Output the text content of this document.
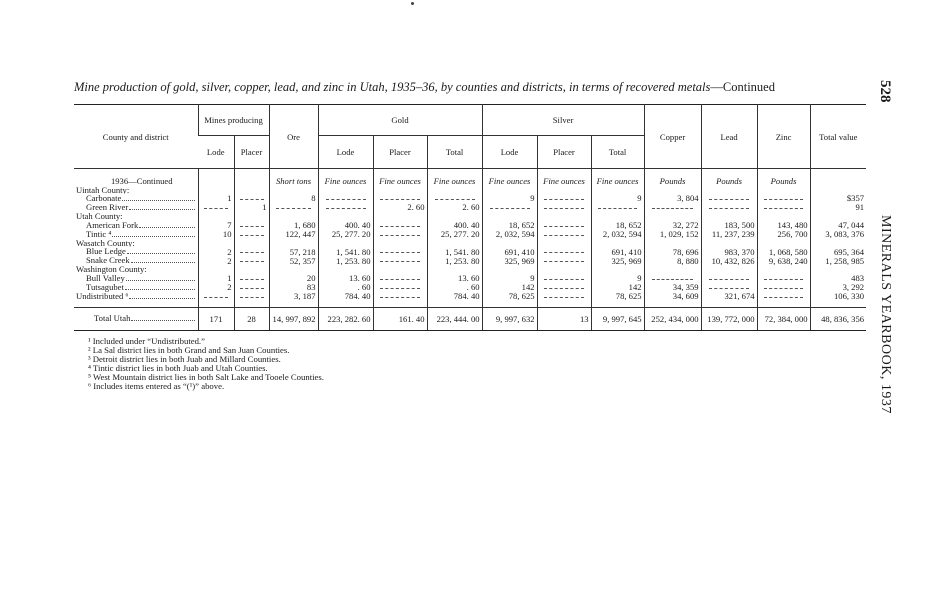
Mine production of gold, silver, copper, lead, and zinc in Utah, 1935–36, by counties and districts, in terms of recovered metals—Continued	528
MINERALS YEARBOOK, 1937
County and district	Mines producing		Ore	Gold			Silver			Copper	Lead	Zinc	Total value
	Lode	Placer		Lode	Placer	Total	Lode	Placer	Total				
1936—Continued			Short tons	Fine ounces	Fine ounces	Fine ounces	Fine ounces	Fine ounces	Fine ounces	Pounds	Pounds	Pounds	

Uintah County:													

Carbonate	1		8				9		9	3, 804			$357

Green River		1			2. 60	2. 60							91

Utah County:													

American Fork	7		1, 680	400. 40		400. 40	18, 652		18, 652	32, 272	183, 500	143, 480	47, 044

Tintic ⁴	10		122, 447	25, 277. 20		25, 277. 20	2, 032, 594		2, 032, 594	1, 029, 152	11, 237, 239	256, 700	3, 083, 376

Wasatch County:													

Blue Ledge	2		57, 218	1, 541. 80		1, 541. 80	691, 410		691, 410	78, 696	983, 370	1, 068, 580	695, 364

Snake Creek	2		52, 357	1, 253. 80		1, 253. 80	325, 969		325, 969	8, 880	10, 432, 826	9, 638, 240	1, 258, 985

Washington County:													

Bull Valley	1		20	13. 60		13. 60	9		9				483

Tutsagubet	2		83	. 60		. 60	142		142	34, 359			3, 292

Undistributed ⁶			3, 187	784. 40		784. 40	78, 625		78, 625	34, 609	321, 674		106, 330

Total Utah	171	28	14, 997, 892	223, 282. 60	161. 40	223, 444. 00	9, 997, 632	13	9, 997, 645	252, 434, 000	139, 772, 000	72, 384, 000	48, 836, 356
¹ Included under “Undistributed.”
² La Sal district lies in both Grand and San Juan Counties.
³ Detroit district lies in both Juab and Millard Counties.
⁴ Tintic district lies in both Juab and Utah Counties.
⁵ West Mountain district lies in both Salt Lake and Tooele Counties.
⁶ Includes items entered as “(¹)” above.
